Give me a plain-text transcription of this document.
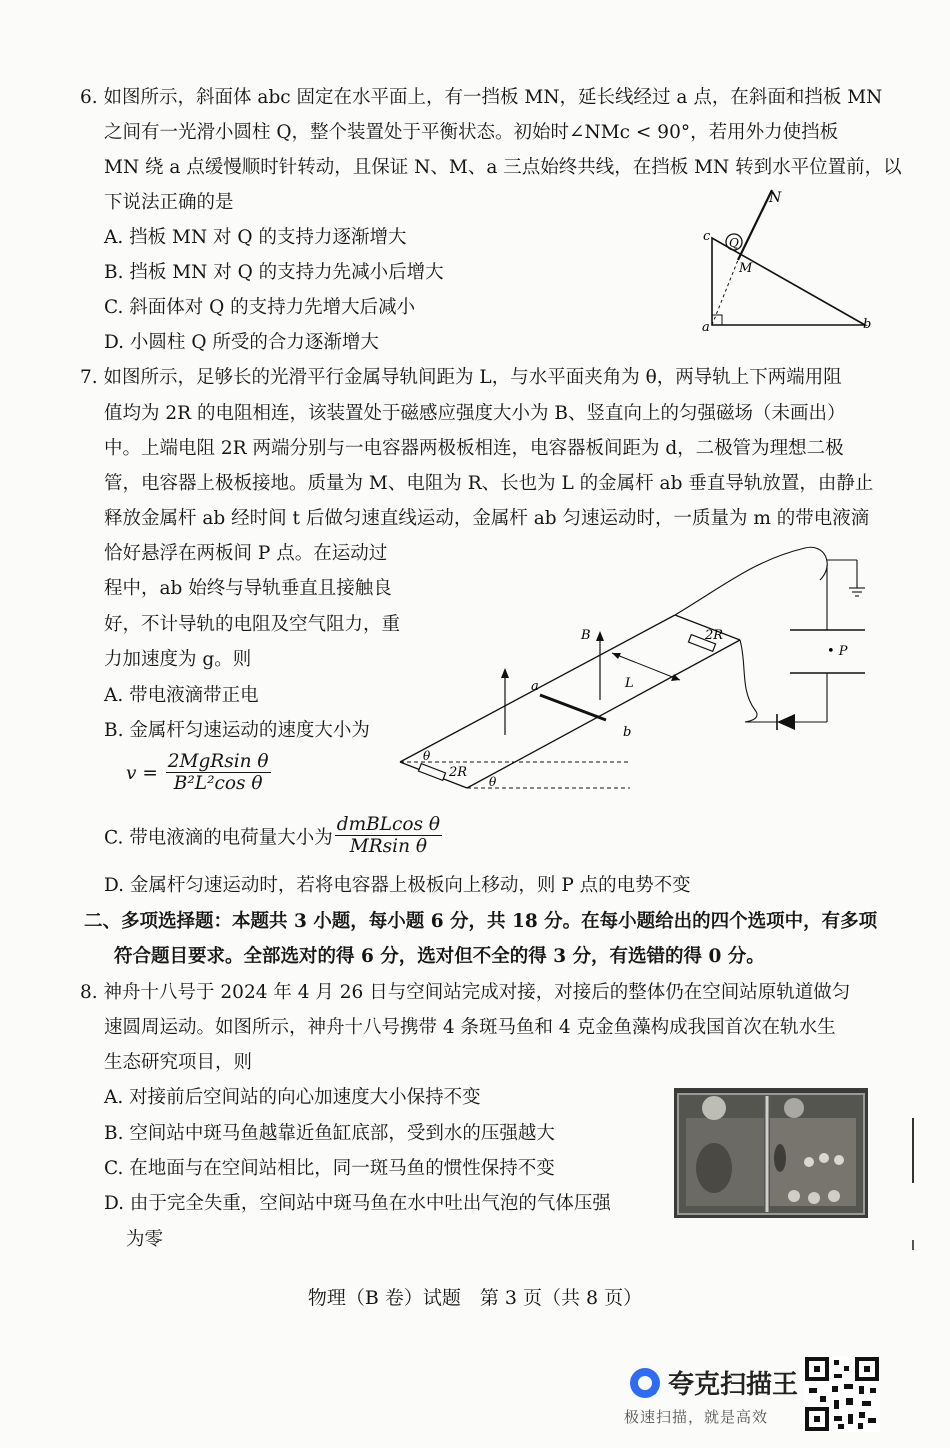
6. 如图所示，斜面体 abc 固定在水平面上，有一挡板 MN，延长线经过 a 点，在斜面和挡板 MN
之间有一光滑小圆柱 Q，整个装置处于平衡状态。初始时∠NMc < 90°，若用外力使挡板
MN 绕 a 点缓慢顺时针转动，且保证 N、M、a 三点始终共线，在挡板 MN 转到水平位置前，以
下说法正确的是
A. 挡板 MN 对 Q 的支持力逐渐增大
B. 挡板 MN 对 Q 的支持力先减小后增大
C. 斜面体对 Q 的支持力先增大后减小
D. 小圆柱 Q 所受的合力逐渐增大
N
Q
M
c
a	b
7. 如图所示，足够长的光滑平行金属导轨间距为 L，与水平面夹角为 θ，两导轨上下两端用阻
值均为 2R 的电阻相连，该装置处于磁感应强度大小为 B、竖直向上的匀强磁场（未画出）
中。上端电阻 2R 两端分别与一电容器两极板相连，电容器板间距为 d，二极管为理想二极
管，电容器上极板接地。质量为 M、电阻为 R、长也为 L 的金属杆 ab 垂直导轨放置，由静止
释放金属杆 ab 经时间 t 后做匀速直线运动，金属杆 ab 匀速运动时，一质量为 m 的带电液滴
恰好悬浮在两板间 P 点。在运动过
程中，ab 始终与导轨垂直且接触良
好，不计导轨的电阻及空气阻力，重
力加速度为 g。则
A. 带电液滴带正电
B. 金属杆匀速运动的速度大小为
$v = \frac{\text{2MgRsin θ}}{\text{B²L²cos θ}}$
C. 带电液滴的电荷量大小为 $\frac{\text{dmBLcos θ}}{\text{MRsin θ}}$
D. 金属杆匀速运动时，若将电容器上极板向上移动，则 P 点的电势不变
2R
θ
θ
a
b
B
L
2R
• P
二、多项选择题：本题共 3 小题，每小题 6 分，共 18 分。在每小题给出的四个选项中，有多项
符合题目要求。全部选对的得 6 分，选对但不全的得 3 分，有选错的得 0 分。
8. 神舟十八号于 2024 年 4 月 26 日与空间站完成对接，对接后的整体仍在空间站原轨道做匀
速圆周运动。如图所示，神舟十八号携带 4 条斑马鱼和 4 克金鱼藻构成我国首次在轨水生
生态研究项目，则
A. 对接前后空间站的向心加速度大小保持不变
B. 空间站中斑马鱼越靠近鱼缸底部，受到水的压强越大
C. 在地面与在空间站相比，同一斑马鱼的惯性保持不变
D. 由于完全失重，空间站中斑马鱼在水中吐出气泡的气体压强
为零
物理（B 卷）试题　第 3 页（共 8 页）
夸克扫描王
极速扫描，就是高效
